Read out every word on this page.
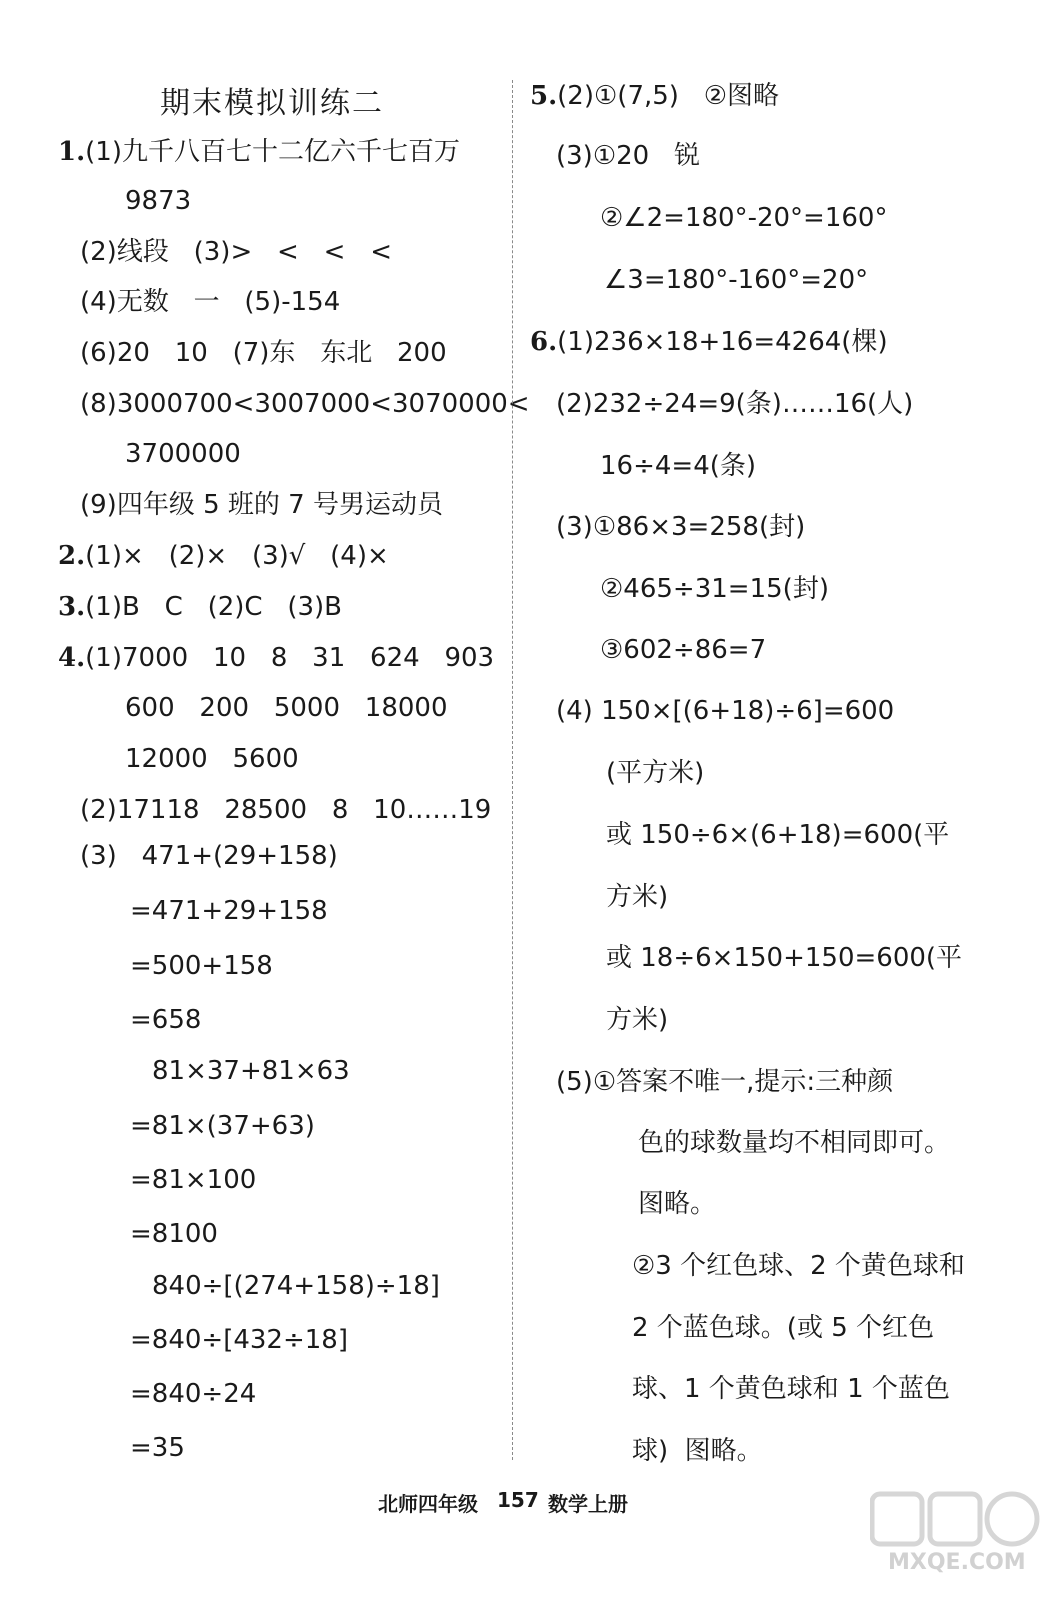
期末模拟训练二
1.(1)九千八百七十二亿六千七百万
9873
(2)线段   (3)>   <   <   <
(4)无数   一   (5)-154
(6)20   10   (7)东   东北   200
(8)3000700<3007000<3070000<
3700000
(9)四年级 5 班的 7 号男运动员
2.(1)×   (2)×   (3)√   (4)×
3.(1)B   C   (2)C   (3)B
4.(1)7000   10   8   31   624   903
600   200   5000   18000
12000   5600
(2)17118   28500   8   10……19
(3)   471+(29+158)
=471+29+158
=500+158
=658
81×37+81×63
=81×(37+63)
=81×100
=8100
840÷[(274+158)÷18]
=840÷[432÷18]
=840÷24
=35
5.(2)①(7,5)   ②图略
(3)①20   锐
②∠2=180°-20°=160°
∠3=180°-160°=20°
6.(1)236×18+16=4264(棵)
(2)232÷24=9(条)……16(人)
16÷4=4(条)
(3)①86×3=258(封)
②465÷31=15(封)
③602÷86=7
(4) 150×[(6+18)÷6]=600
(平方米)
或 150÷6×(6+18)=600(平
方米)
或 18÷6×150+150=600(平
方米)
(5)①答案不唯一,提示:三种颜
色的球数量均不相同即可。
图略。
②3 个红色球、2 个黄色球和
2 个蓝色球。(或 5 个红色
球、1 个黄色球和 1 个蓝色
球)  图略。
北师四年级 157 数学上册
MXQE.COM
